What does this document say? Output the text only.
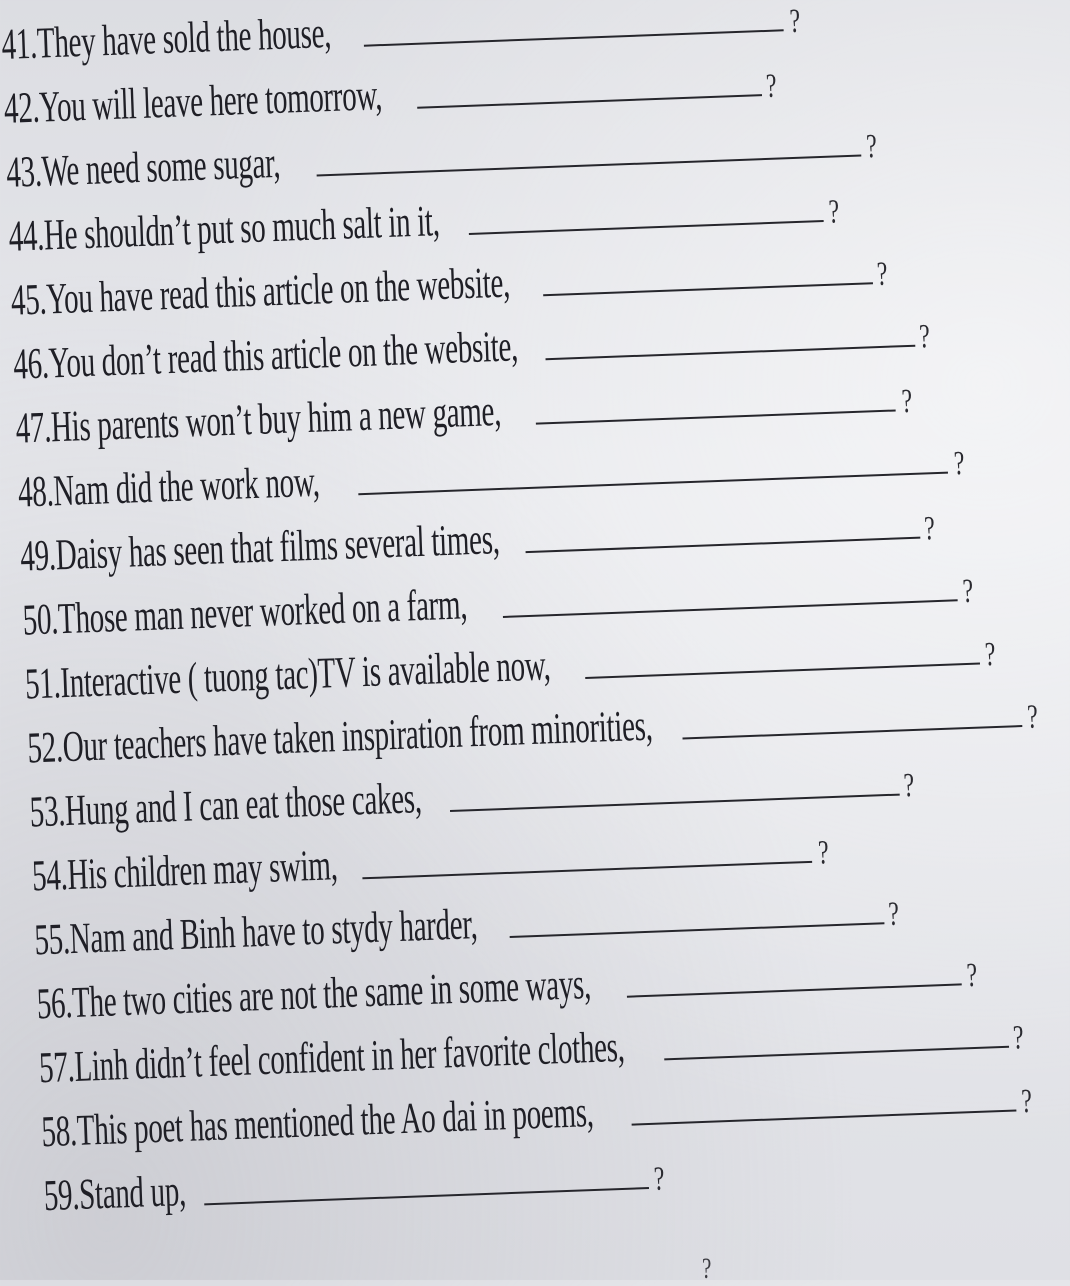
41.They have sold the house,	?
42.You will leave here tomorrow,	?
43.We need some sugar,	?
44.He shouldn’t put so much salt in it,	?
45.You have read this article on the website,	?
46.You don’t read this article on the website,	?
47.His parents won’t buy him a new game,	?
48.Nam did the work now,	?
49.Daisy has seen that films several times,	?
50.Those man never worked on a farm,	?
51.Interactive ( tuong tac)TV is available now,	?
52.Our teachers have taken inspiration from minorities,	?
53.Hung and I can eat those cakes,	?
54.His children may swim,	?
55.Nam and Binh have to stydy harder,	?
56.The two cities are not the same in some ways,	?
57.Linh didn’t feel confident in her favorite clothes,	?
58.This poet has mentioned the Ao dai in poems,	?
59.Stand up,	?
?
